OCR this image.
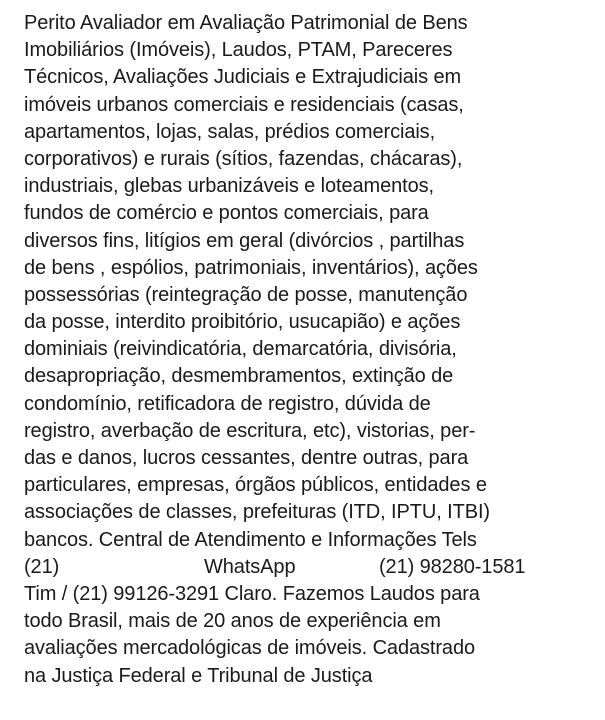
Perito Avaliador em Avaliação Patrimonial de Bens
Imobiliários (Imóveis), Laudos, PTAM, Pareceres
Técnicos, Avaliações Judiciais e Extrajudiciais em
imóveis urbanos comerciais e residenciais (casas,
apartamentos, lojas, salas, prédios comerciais,
corporativos) e rurais (sítios, fazendas, chácaras),
industriais, glebas urbanizáveis e loteamentos,
fundos de comércio e pontos comerciais, para
diversos fins, litígios em geral (divórcios , partilhas
de bens , espólios, patrimoniais, inventários), ações
possessórias (reintegração de posse, manutenção
da posse, interdito proibitório, usucapião) e ações
dominiais (reivindicatória, demarcatória, divisória,
desapropriação, desmembramentos, extinção de
condomínio, retificadora de registro, dúvida de
registro, averbação de escritura, etc), vistorias, per-
das e danos, lucros cessantes, dentre outras, para
particulares, empresas, órgãos públicos, entidades e
associações de classes, prefeituras (ITD, IPTU, ITBI)
bancos. Central de Atendimento e Informações Tels
(21)	WhatsApp	(21) 98280-1581
Tim / (21) 99126-3291 Claro. Fazemos Laudos para
todo Brasil, mais de 20 anos de experiência em
avaliações mercadológicas de imóveis. Cadastrado
na Justiça Federal e Tribunal de Justiça
